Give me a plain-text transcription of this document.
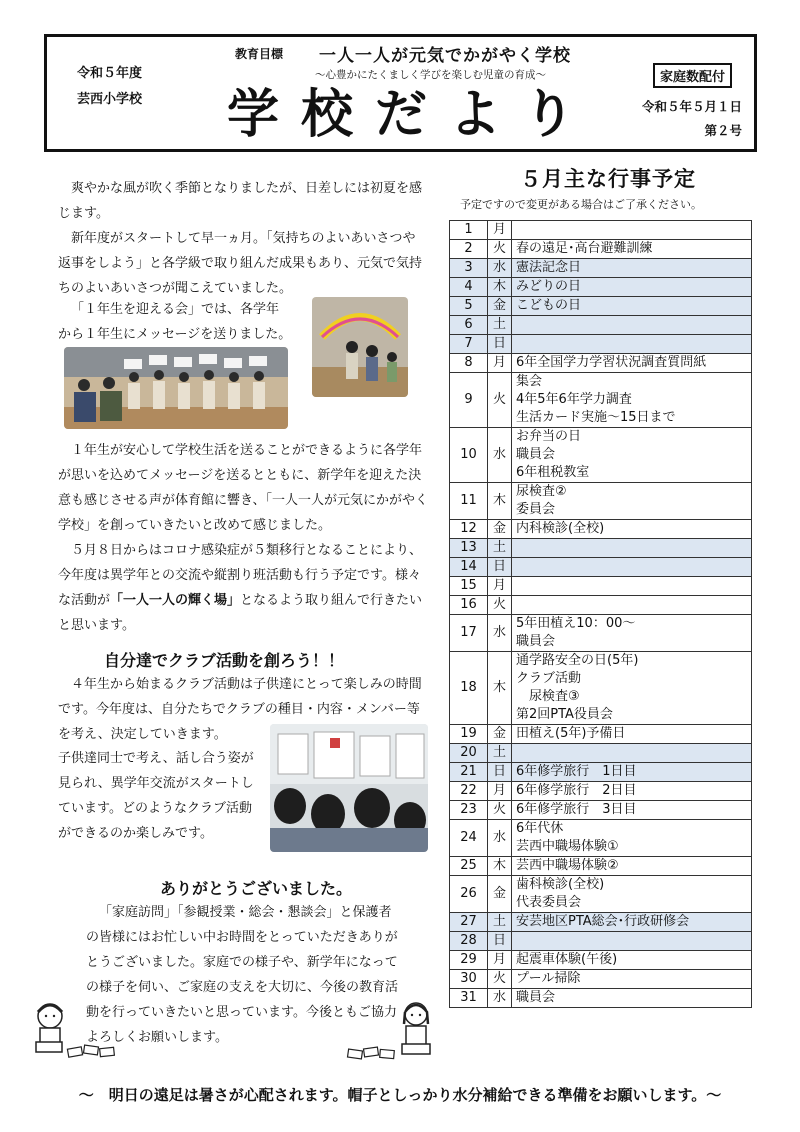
令和５年度
芸西小学校
教育目標 一人一人が元気でかがやく学校
～心豊かにたくましく学びを楽しむ児童の育成～
学校だより
家庭数配付
令和５年５月１日
第２号

爽やかな風が吹く季節となりましたが、日差しには初夏を感じます。

新年度がスタートして早一ヵ月。「気持ちのよいあいさつや返事をしよう」と各学級で取り組んだ成果もあり、元気で気持ちのよいあいさつが聞こえていました。

「１年生を迎える会」では、各学年

から１年生にメッセージを送りました。

１年生が安心して学校生活を送ることができるように各学年が思いを込めてメッセージを送るとともに、新学年を迎えた決意も感じさせる声が体育館に響き、「一人一人が元気にかがやく学校」を創っていきたいと改めて感じました。

５月８日からはコロナ感染症が５類移行となることにより、今年度は異学年との交流や縦割り班活動も行う予定です。様々な活動が「一人一人の輝く場」となるよう取り組んで行きたいと思います。

自分達でクラブ活動を創ろう！！

４年生から始まるクラブ活動は子供達にとって楽しみの時間です。今年度は、自分たちでクラブの種目・内容・メンバー等を考え、決定していきます。

子供達同士で考え、話し合う姿が見られ、異学年交流がスタートしています。どのようなクラブ活動ができるのか楽しみです。
ありがとうございました。

「家庭訪問」「参観授業・総会・懇談会」と保護者の皆様にはお忙しい中お時間をとっていただきありがとうございました。家庭での様子や、新学年になっての様子を伺い、ご家庭の支えを大切に、今後の教育活動を行っていきたいと思っています。今後ともご協力よろしくお願いします。

５月主な行事予定
予定ですので変更がある場合はご了承ください。
1	月	

2	火	春の遠足･高台避難訓練

3	水	憲法記念日

4	木	みどりの日

5	金	こどもの日

6	土	

7	日	

8	月	6年全国学力学習状況調査質問紙

9	火	集会
4年5年6年学力調査
生活カード実施～15日まで

10	水	お弁当の日
職員会
6年租税教室

11	木	尿検査②
委員会

12	金	内科検診(全校)

13	土	

14	日	

15	月	

16	火	

17	水	5年田植え10：00～
職員会

18	木	通学路安全の日(5年)
クラブ活動
　尿検査③
第2回PTA役員会

19	金	田植え(5年)予備日

20	土	

21	日	6年修学旅行　1日目

22	月	6年修学旅行　2日目

23	火	6年修学旅行　3日目

24	水	6年代休
芸西中職場体験①

25	木	芸西中職場体験②

26	金	歯科検診(全校)
代表委員会

27	土	安芸地区PTA総会･行政研修会

28	日	

29	月	起震車体験(午後)

30	火	プール掃除

31	水	職員会
～　明日の遠足は暑さが心配されます。帽子としっかり水分補給できる準備をお願いします。～
